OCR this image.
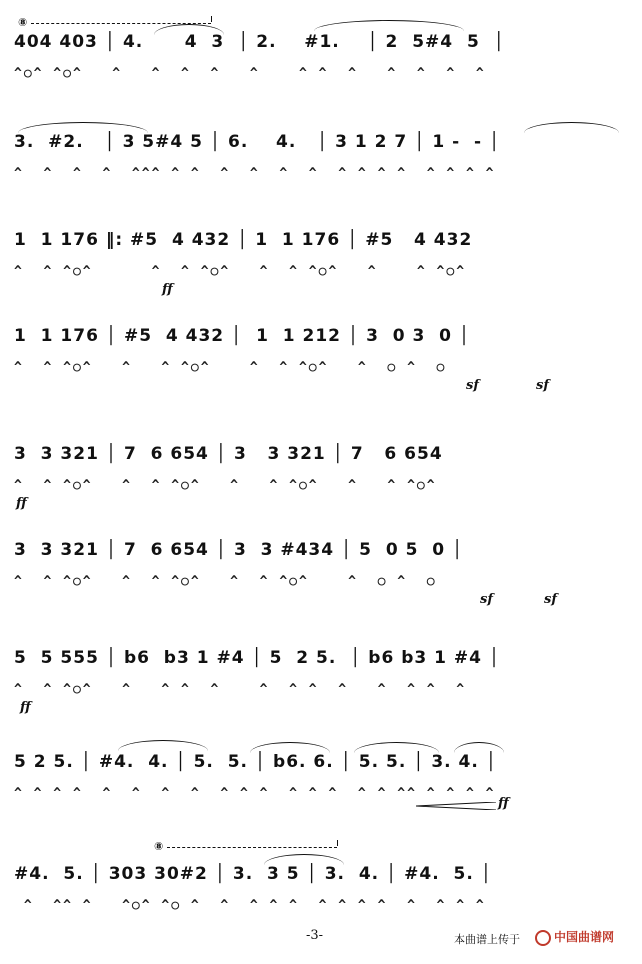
⑧
404 403 │ 4.      4  3  │ 2.    #1.    │ 2  5#4  5  │
^○^ ^○^   ^   ^  ^  ^   ^    ^ ^  ^   ^  ^  ^  ^
3.  #2.   │ 3 5#4 5 │ 6.    4.   │ 3 1 2 7 │ 1 -  - │
^  ^  ^  ^  ^^^ ^ ^  ^  ^  ^  ^  ^ ^ ^ ^  ^ ^ ^ ^
1  1 176 ‖: #5  4 432 │ 1  1 176 │ #5   4 432
^  ^ ^○^      ^  ^ ^○^   ^  ^ ^○^   ^    ^ ^○^
ff
1  1 176 │ #5  4 432 │  1  1 212 │ 3  0 3  0 │
^  ^ ^○^   ^   ^ ^○^    ^  ^ ^○^   ^  ○ ^  ○
sf	sf
3  3 321 │ 7  6 654 │ 3   3 321 │ 7   6 654
^  ^ ^○^   ^  ^ ^○^   ^   ^ ^○^   ^   ^ ^○^
ff
3  3 321 │ 7  6 654 │ 3  3 #434 │ 5  0 5  0 │
^  ^ ^○^   ^  ^ ^○^   ^  ^ ^○^    ^  ○ ^  ○
sf	sf
5  5 555 │ b6  b3 1 #4 │ 5  2 5.  │ b6 b3 1 #4 │
^  ^ ^○^   ^   ^ ^  ^    ^  ^ ^  ^   ^  ^ ^  ^
ff
5 2 5. │ #4.  4. │ 5.  5. │ b6. 6. │ 5. 5. │ 3. 4. │
^ ^ ^ ^  ^  ^  ^  ^  ^ ^ ^  ^ ^ ^  ^ ^ ^^ ^ ^ ^ ^
ff
⑧
#4.  5. │ 303 30#2 │ 3.  3 5 │ 3.  4. │ #4.  5. │
^  ^^ ^   ^○^ ^○ ^  ^  ^ ^ ^  ^ ^ ^ ^  ^  ^ ^ ^
-3-	本曲谱上传于	中国曲谱网
